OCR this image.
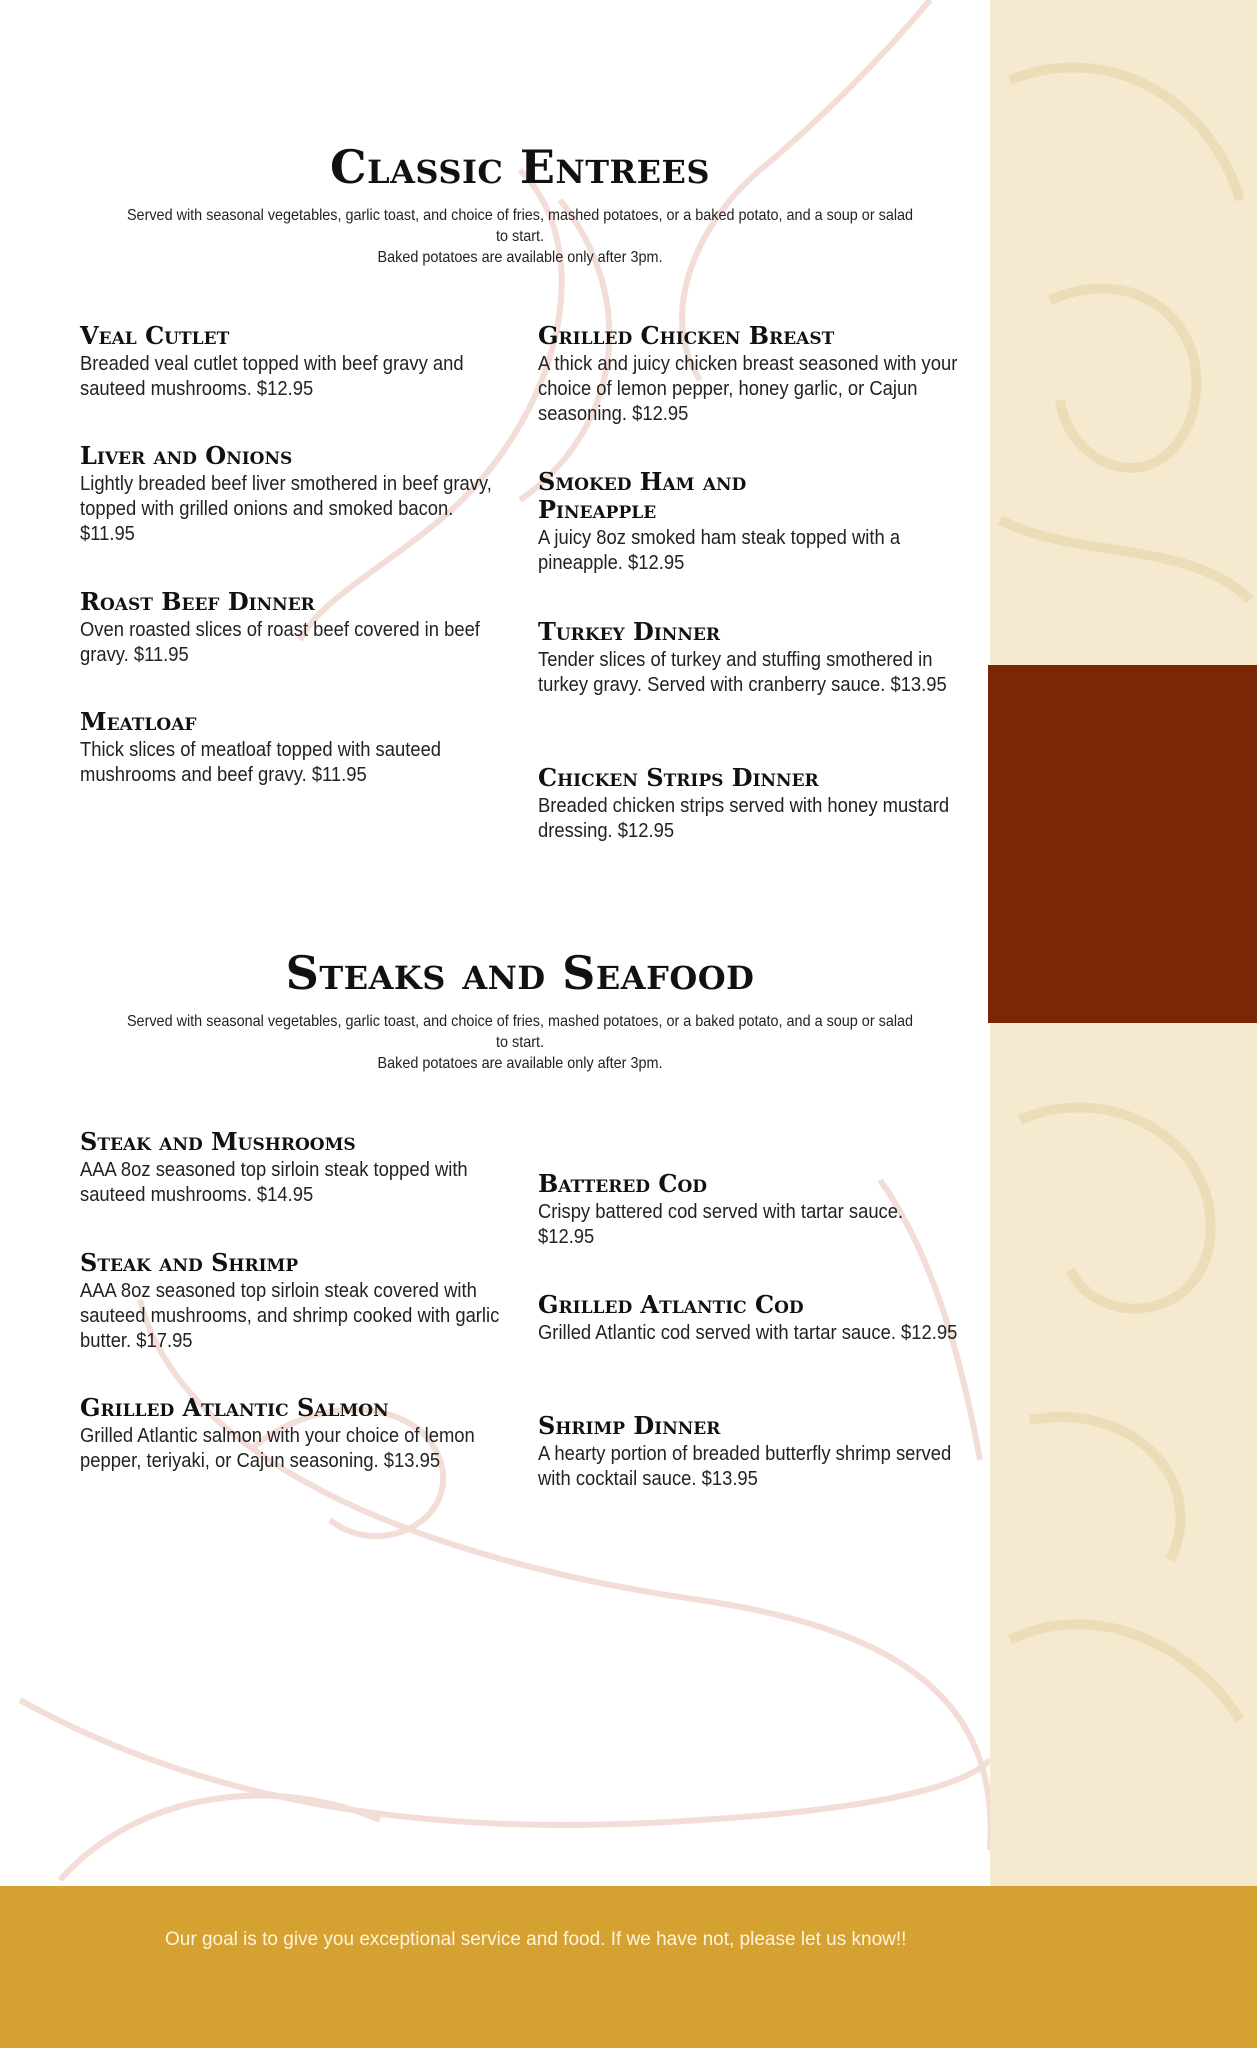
Our goal is to give you exceptional service and food. If we have not, please let us know!!
Classic Entrees
Served with seasonal vegetables, garlic toast, and choice of fries, mashed potatoes, or a baked potato, and a soup or salad to start.
Baked potatoes are available only after 3pm.
Veal Cutlet
Breaded veal cutlet topped with beef gravy and sauteed mushrooms. $12.95
Liver and Onions
Lightly breaded beef liver smothered in beef gravy, topped with grilled onions and smoked bacon. $11.95
Roast Beef Dinner
Oven roasted slices of roast beef covered in beef gravy. $11.95
Meatloaf
Thick slices of meatloaf topped with sauteed mushrooms and beef gravy. $11.95
Grilled Chicken Breast
A thick and juicy chicken breast seasoned with your choice of lemon pepper, honey garlic, or Cajun seasoning. $12.95
Smoked Ham and Pineapple
A juicy 8oz smoked ham steak topped with a pineapple. $12.95
Turkey Dinner
Tender slices of turkey and stuffing smothered in turkey gravy. Served with cranberry sauce. $13.95
Chicken Strips Dinner
Breaded chicken strips served with honey mustard dressing. $12.95
Steaks and Seafood
Served with seasonal vegetables, garlic toast, and choice of fries, mashed potatoes, or a baked potato, and a soup or salad to start.
Baked potatoes are available only after 3pm.
Steak and Mushrooms
AAA 8oz seasoned top sirloin steak topped with sauteed mushrooms. $14.95
Steak and Shrimp
AAA 8oz seasoned top sirloin steak covered with sauteed mushrooms, and shrimp cooked with garlic butter. $17.95
Grilled Atlantic Salmon
Grilled Atlantic salmon with your choice of lemon pepper, teriyaki, or Cajun seasoning. $13.95
Battered Cod
Crispy battered cod served with tartar sauce. $12.95
Grilled Atlantic Cod
Grilled Atlantic cod served with tartar sauce. $12.95
Shrimp Dinner
A hearty portion of breaded butterfly shrimp served with cocktail sauce. $13.95
